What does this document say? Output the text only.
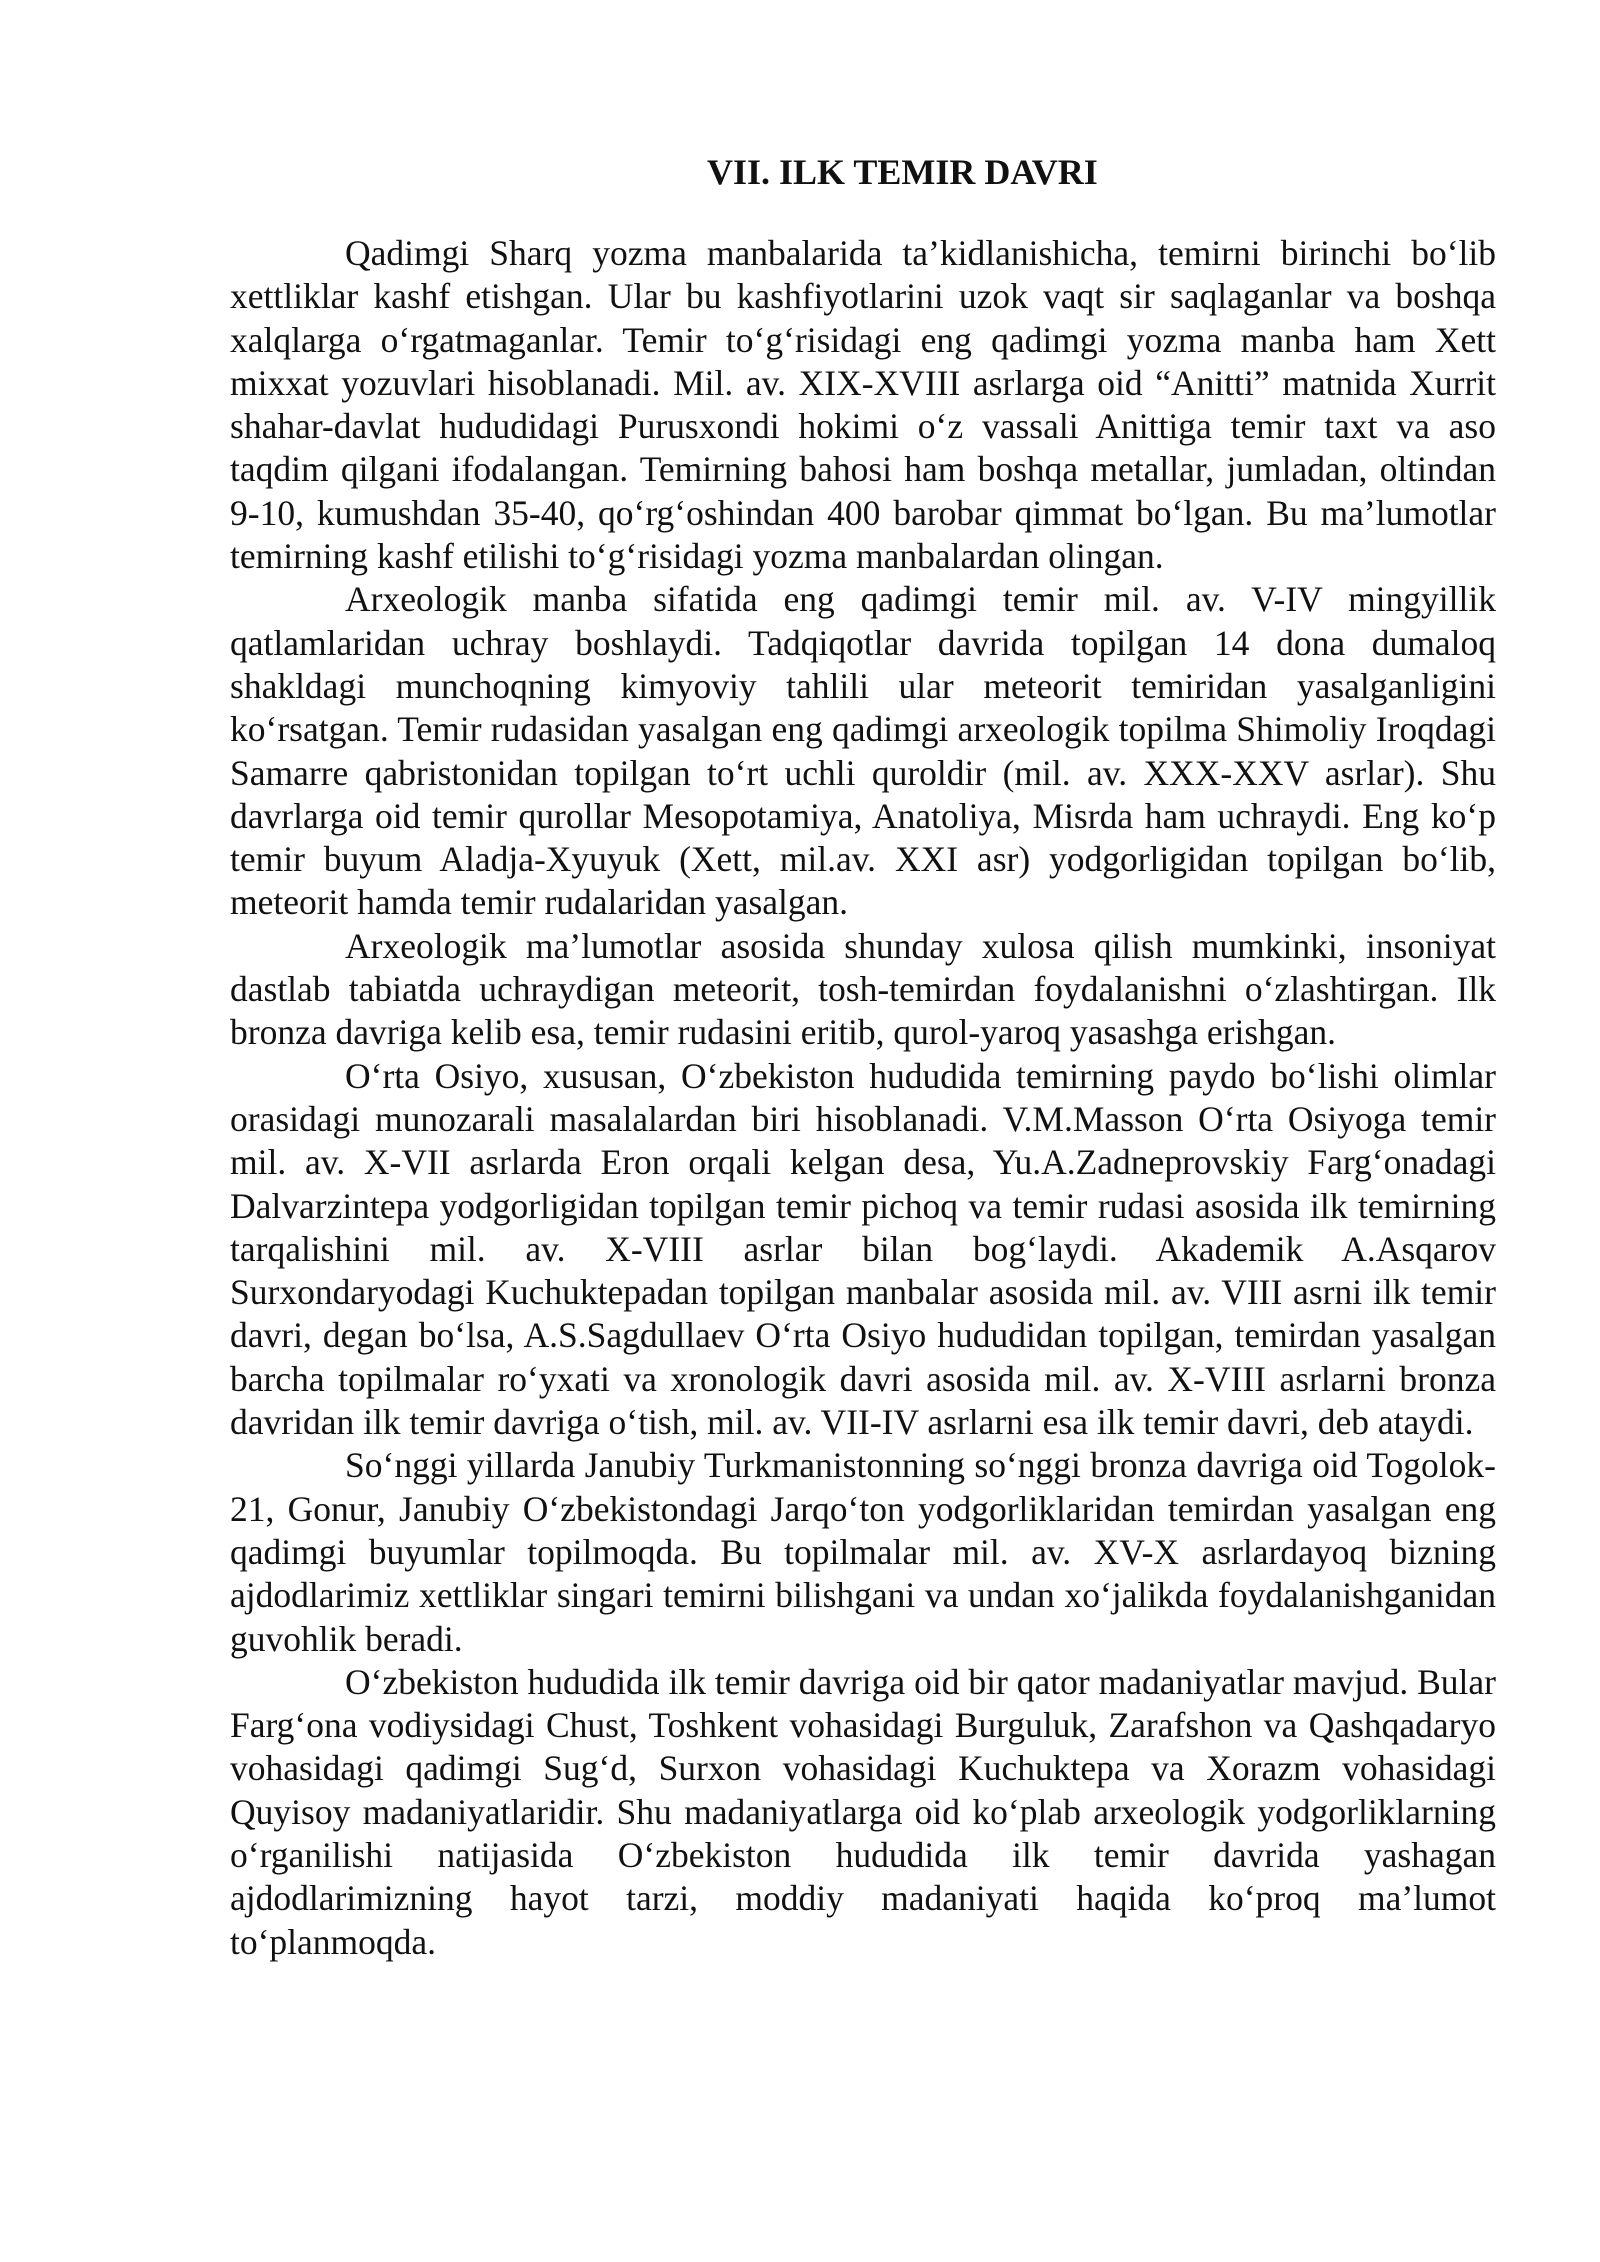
VII. ILK TEMIR DAVRI

Qadimgi Sharq yozma manbalarida ta’kidlanishicha, temirni birinchi bo‘lib xettliklar kashf etishgan. Ular bu kashfiyotlarini uzok vaqt sir saqlaganlar va boshqa xalqlarga o‘rgatmaganlar. Temir to‘g‘risidagi eng qadimgi yozma manba ham Xett mixxat yozuvlari hisoblanadi. Mil. av. XIX-XVIII asrlarga oid “Anitti” matnida Xurrit shahar-davlat hududidagi Purusxondi hokimi o‘z vassali Anittiga temir taxt va aso taqdim qilgani ifodalangan. Temirning bahosi ham boshqa metallar, jumladan, oltindan 9-10, kumushdan 35-40, qo‘rg‘oshindan 400 barobar qimmat bo‘lgan. Bu ma’lumotlar temirning kashf etilishi to‘g‘risidagi yozma manbalardan olingan.

Arxeologik manba sifatida eng qadimgi temir mil. av. V-IV mingyillik qatlamlaridan uchray boshlaydi. Tadqiqotlar davrida topilgan 14 dona dumaloq shakldagi munchoqning kimyoviy tahlili ular meteorit temiridan yasalganligini ko‘rsatgan. Temir rudasidan yasalgan eng qadimgi arxeologik topilma Shimoliy Iroqdagi Samarre qabristonidan topilgan to‘rt uchli quroldir (mil. av. XXX-XXV asrlar). Shu davrlarga oid temir qurollar Mesopotamiya, Anatoliya, Misrda ham uchraydi. Eng ko‘p temir buyum Aladja-Xyuyuk (Xett, mil.av. XXI asr) yodgorligidan topilgan bo‘lib, meteorit hamda temir rudalaridan yasalgan.

Arxeologik ma’lumotlar asosida shunday xulosa qilish mumkinki, insoniyat dastlab tabiatda uchraydigan meteorit, tosh-temirdan foydalanishni o‘zlashtirgan. Ilk bronza davriga kelib esa, temir rudasini eritib, qurol-yaroq yasashga erishgan.

O‘rta Osiyo, xususan, O‘zbekiston hududida temirning paydo bo‘lishi olimlar orasidagi munozarali masalalardan biri hisoblanadi. V.M.Masson O‘rta Osiyoga temir mil. av. X-VII asrlarda Eron orqali kelgan desa, Yu.A.Zadneprovskiy Farg‘onadagi Dalvarzintepa yodgorligidan topilgan temir pichoq va temir rudasi asosida ilk temirning tarqalishini mil. av. X-VIII asrlar bilan bog‘laydi. Akademik A.Asqarov Surxondaryodagi Kuchuktepadan topilgan manbalar asosida mil. av. VIII asrni ilk temir davri, degan bo‘lsa, A.S.Sagdullaev O‘rta Osiyo hududidan topilgan, temirdan yasalgan barcha topilmalar ro‘yxati va xronologik davri asosida mil. av. X-VIII asrlarni bronza davridan ilk temir davriga o‘tish, mil. av. VII-IV asrlarni esa ilk temir davri, deb ataydi.

So‘nggi yillarda Janubiy Turkmanistonning so‘nggi bronza davriga oid Togolok-21, Gonur, Janubiy O‘zbekistondagi Jarqo‘ton yodgorliklaridan temirdan yasalgan eng qadimgi buyumlar topilmoqda. Bu topilmalar mil. av. XV-X asrlardayoq bizning ajdodlarimiz xettliklar singari temirni bilishgani va undan xo‘jalikda foydalanishganidan guvohlik beradi.

O‘zbekiston hududida ilk temir davriga oid bir qator madaniyatlar mavjud. Bular Farg‘ona vodiysidagi Chust, Toshkent vohasidagi Burguluk, Zarafshon va Qashqadaryo vohasidagi qadimgi Sug‘d, Surxon vohasidagi Kuchuktepa va Xorazm vohasidagi Quyisoy madaniyatlaridir. Shu madaniyatlarga oid ko‘plab arxeologik yodgorliklarning o‘rganilishi natijasida O‘zbekiston hududida ilk temir davrida yashagan ajdodlarimizning hayot tarzi, moddiy madaniyati haqida ko‘proq ma’lumot to‘planmoqda.
